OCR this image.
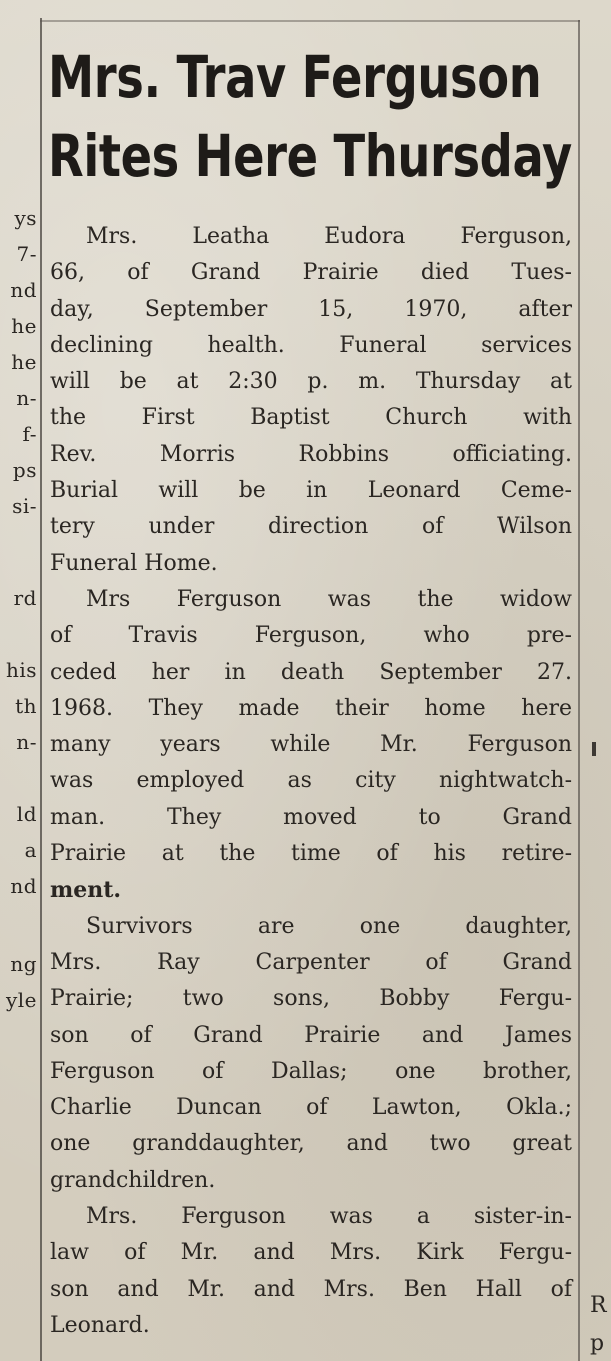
ys
7-
nd
he
he
n-
f-
ps
si-
rd
his
th
n-
ld
a
nd
ng
yle
R
p
Mrs. Trav Ferguson
Rites Here Thursday
Mrs. Leatha Eudora Ferguson,
66, of Grand Prairie died Tues-
day, September 15, 1970, after
declining health. Funeral services
will be at 2:30 p. m. Thursday at
the First Baptist Church with
Rev. Morris Robbins officiating.
Burial will be in Leonard Ceme-
tery under direction of Wilson
Funeral Home.
Mrs Ferguson was the widow
of Travis Ferguson, who pre-
ceded her in death September 27.
1968. They made their home here
many years while Mr. Ferguson
was employed as city nightwatch-
man. They moved to Grand
Prairie at the time of his retire-
ment.
Survivors are one daughter,
Mrs. Ray Carpenter of Grand
Prairie; two sons, Bobby Fergu-
son of Grand Prairie and James
Ferguson of Dallas; one brother,
Charlie Duncan of Lawton, Okla.;
one granddaughter, and two great
grandchildren.
Mrs. Ferguson was a sister-in-
law of Mr. and Mrs. Kirk Fergu-
son and Mr. and Mrs. Ben Hall of
Leonard.
